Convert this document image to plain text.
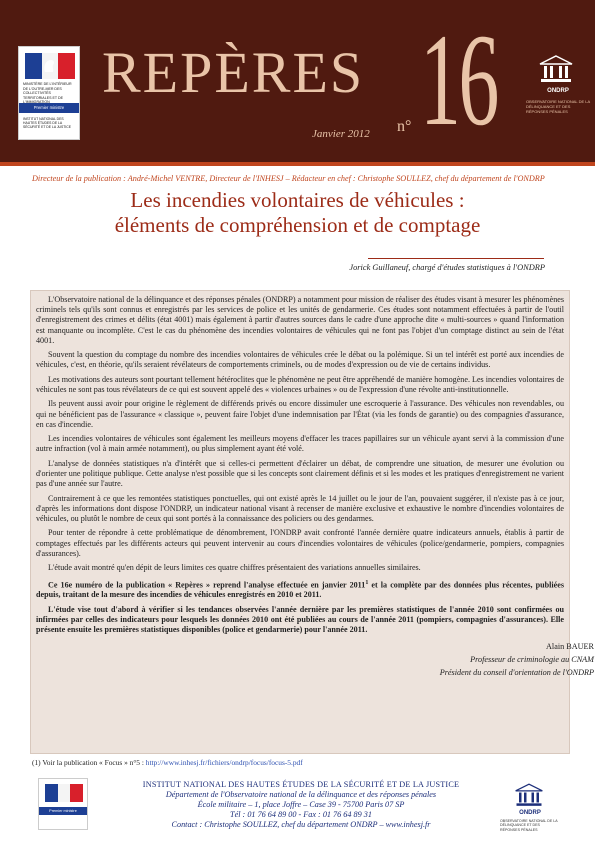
MINISTÈRE DE L'INTÉRIEUR DE L'OUTRE-MER DES COLLECTIVITÉS TERRITORIALES ET DE
Premier ministre
INSTITUT NATIONAL DES HAUTES ÉTUDES DE LA SÉCURITÉ ET DE LA JUSTICE
REPÈRES
Janvier 2012 n° 16	ONDRP
OBSERVATOIRE NATIONAL DE LA DÉLINQUANCE ET DES RÉPONSES PÉNALES
Directeur de la publication : André-Michel VENTRE, Directeur de l'INHESJ – Rédacteur en chef : Christophe SOULLEZ, chef du département de l'ONDRP
Les incendies volontaires de véhicules :
éléments de compréhension et de comptage
Jorick Guillaneuf, chargé d'études statistiques à l'ONDRP

L'Observatoire national de la délinquance et des réponses pénales (ONDRP) a notamment pour mission de réaliser des études visant à mesurer les phénomènes criminels tels qu'ils sont connus et enregistrés par les services de police et les unités de gendarmerie. Ces études sont notamment effectuées à partir de l'outil d'enregistrement des crimes et délits (état 4001) mais également à partir d'autres sources dans le cadre d'une approche dite « multi-sources » quand l'information est manquante ou incomplète. C'est le cas du phénomène des incendies volontaires de véhicules qui ne font pas l'objet d'un comptage distinct au sein de l'état 4001.

Souvent la question du comptage du nombre des incendies volontaires de véhicules crée le débat ou la polémique. Si un tel intérêt est porté aux incendies de véhicules, c'est, en théorie, qu'ils seraient révélateurs de comportements criminels, ou de modes d'expression ou de vie de certains individus.

Les motivations des auteurs sont pourtant tellement hétéroclites que le phénomène ne peut être appréhendé de manière homogène. Les incendies volontaires de véhicules ne sont pas tous révélateurs de ce qui est souvent appelé des « violences urbaines » ou de l'expression d'une révolte anti-institutionnelle.

Ils peuvent aussi avoir pour origine le règlement de différends privés ou encore dissimuler une escroquerie à l'assurance. Des véhicules non revendables, ou qui ne bénéficient pas de l'assurance « classique », peuvent faire l'objet d'une indemnisation par l'État (via les fonds de garantie) ou des compagnies d'assurance, en cas d'incendie.

Les incendies volontaires de véhicules sont également les meilleurs moyens d'effacer les traces papillaires sur un véhicule ayant servi à la commission d'une autre infraction (vol à main armée notamment), ou plus simplement ayant été volé.

L'analyse de données statistiques n'a d'intérêt que si celles-ci permettent d'éclairer un débat, de comprendre une situation, de mesurer une évolution ou d'orienter une politique publique. Cette analyse n'est possible que si les concepts sont clairement définis et si les modes et les pratiques d'enregistrement ne varient pas d'une année sur l'autre.

Contrairement à ce que les remontées statistiques ponctuelles, qui ont existé après le 14 juillet ou le jour de l'an, pouvaient suggérer, il n'existe pas à ce jour, d'après les informations dont dispose l'ONDRP, un indicateur national visant à recenser de manière exclusive et exhaustive le nombre d'incendies volontaires de véhicules, ou plutôt le nombre de ceux qui sont portés à la connaissance des policiers ou des gendarmes.

Pour tenter de répondre à cette problématique de dénombrement, l'ONDRP avait confronté l'année dernière quatre indicateurs annuels, établis à partir de comptages effectués par les différents acteurs qui peuvent intervenir au cours d'incendies volontaires de véhicules (police/gendarmerie, pompiers, compagnies d'assurances).

L'étude avait montré qu'en dépit de leurs limites ces quatre chiffres présentaient des variations annuelles similaires.

Ce 16e numéro de la publication « Repères » reprend l'analyse effectuée en janvier 2011$^1$ et la complète par des données plus récentes, publiées depuis, traitant de la mesure des incendies de véhicules enregistrés en 2010 et 2011.

L'étude vise tout d'abord à vérifier si les tendances observées l'année dernière par les premières statistiques de l'année 2010 sont confirmées ou infirmées par celles des indicateurs pour lesquels les données 2010 ont été publiées au cours de l'année 2011 (pompiers, compagnies d'assurances). Elle présente ensuite les premières statistiques disponibles (police et gendarmerie) pour l'année 2011.

Alain BAUER
Professeur de criminologie au CNAM
Président du conseil d'orientation de l'ONDRP
(1) Voir la publication « Focus » n°5 : http://www.inhesj.fr/fichiers/ondrp/focus/focus-5.pdf
Premier ministre
INSTITUT NATIONAL DES HAUTES ÉTUDES DE LA SÉCURITÉ ET DE LA JUSTICE
Département de l'Observatoire national de la délinquance et des réponses pénales
École militaire – 1, place Joffre – Case 39 - 75700 Paris 07 SP
Tél : 01 76 64 89 00 - Fax : 01 76 64 89 31
Contact : Christophe SOULLEZ, chef du département ONDRP – www.inhesj.fr
ONDRP
OBSERVATOIRE NATIONAL DE LA DÉLINQUANCE ET DES RÉPONSES PÉNALES
